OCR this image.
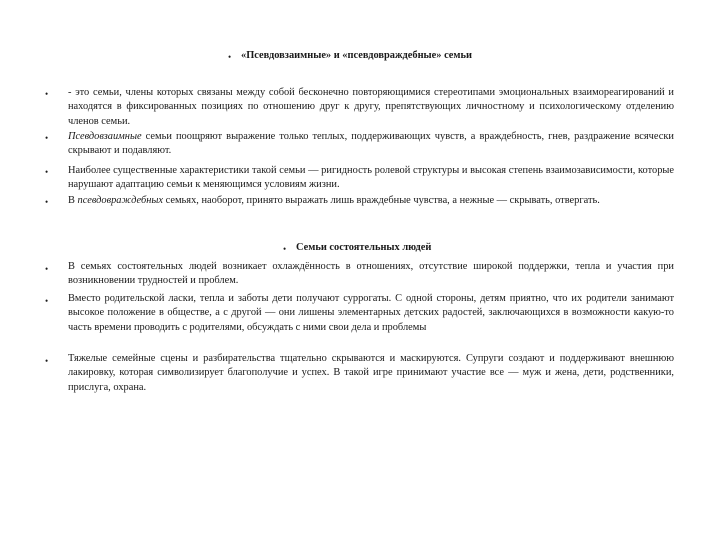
• «Псевдовзаимные» и «псевдовраждебные» семьи
• - это семьи, члены которых связаны между собой бесконечно повторяющимися стереотипами эмоциональных взаимореагирований и находятся в фиксированных позициях по отношению друг к другу, препятствующих личностному и психологическому отделению членов семьи.
• Псевдовзаимные семьи поощряют выражение только теплых, поддерживающих чувств, а враждебность, гнев, раздражение всячески скрывают и подавляют.
• Наиболее существенные характеристики такой семьи — ригидность ролевой структуры и высокая степень взаимозависимости, которые нарушают адаптацию семьи к меняющимся условиям жизни.
• В псевдовраждебных семьях, наоборот, принято выражать лишь враждебные чувства, а нежные — скрывать, отвергать.
• Семьи состоятельных людей
• В семьях состоятельных людей возникает охлаждённость в отношениях, отсутствие широкой поддержки, тепла и участия при возникновении трудностей и проблем.
• Вместо родительской ласки, тепла и заботы дети получают суррогаты. С одной стороны, детям приятно, что их родители занимают высокое положение в обществе, а с другой — они лишены элементарных детских радостей, заключающихся в возможности какую-то часть времени проводить с родителями, обсуждать с ними свои дела и проблемы
• Тяжелые семейные сцены и разбирательства тщательно скрываются и маскируются. Супруги создают и поддерживают внешнюю лакировку, которая символизирует благополучие и успех. В такой игре принимают участие все — муж и жена, дети, родственники, прислуга, охрана.
